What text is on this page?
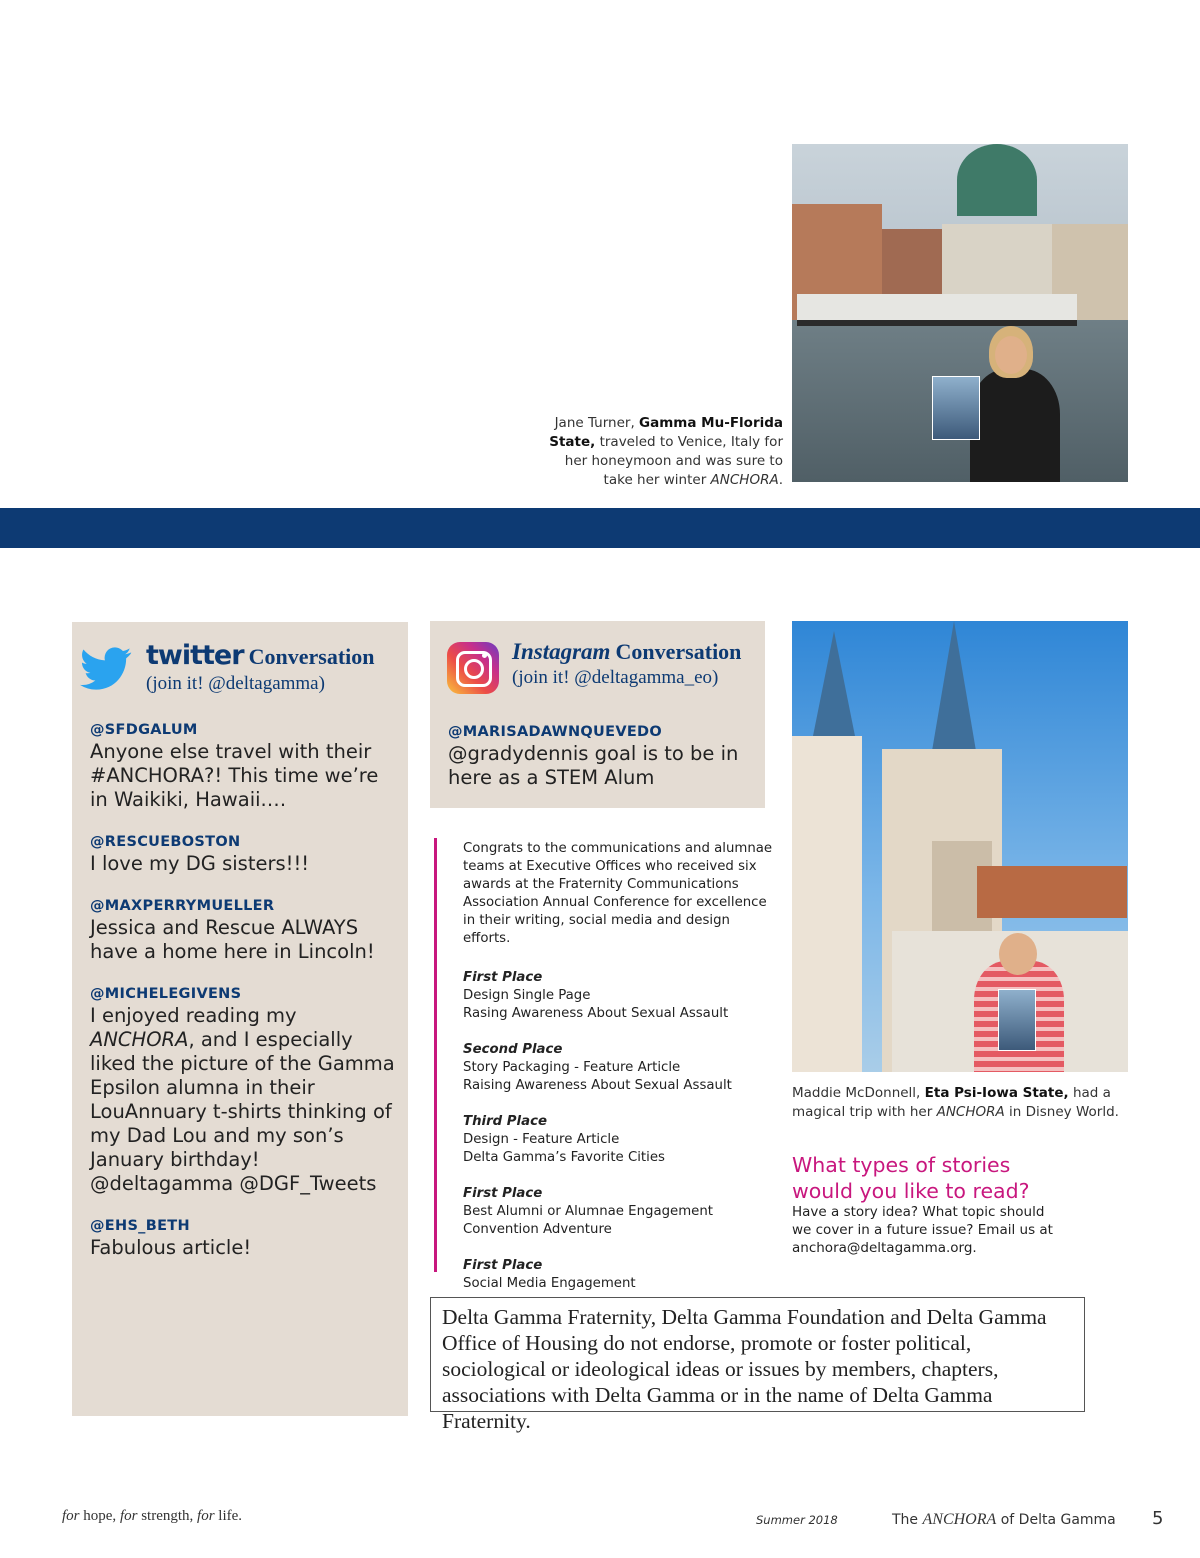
Jane Turner, Gamma Mu-Florida State, traveled to Venice, Italy for her honeymoon and was sure to take her winter ANCHORA.
twitter Conversation
(join it! @deltagamma)
@SFDGALUM
Anyone else travel with their #ANCHORA?! This time we’re in Waikiki, Hawaii.…
@RESCUEBOSTON
I love my DG sisters!!!
@MAXPERRYMUELLER
Jessica and Rescue ALWAYS have a home here in Lincoln!
@MICHELEGIVENS
I enjoyed reading my ANCHORA, and I especially liked the picture of the Gamma Epsilon alumna in their LouAnnuary t-shirts thinking of my Dad Lou and my son’s January birthday! @deltagamma @DGF_Tweets
@EHS_BETH
Fabulous article!
Instagram Conversation
(join it! @deltagamma_eo)
@MARISADAWNQUEVEDO
@gradydennis goal is to be in here as a STEM Alum
Congrats to the communications and alumnae teams at Executive Offices who received six awards at the Fraternity Communications Association Annual Conference for excellence in their writing, social media and design efforts.
First Place
Design Single Page
Rasing Awareness About Sexual Assault
Second Place
Story Packaging - Feature Article
Raising Awareness About Sexual Assault
Third Place
Design - Feature Article
Delta Gamma’s Favorite Cities
First Place
Best Alumni or Alumnae Engagement
Convention Adventure
First Place
Social Media Engagement
Maddie McDonnell, Eta Psi-Iowa State, had a magical trip with her ANCHORA in Disney World.
What types of stories would you like to read?
Have a story idea? What topic should we cover in a future issue? Email us at anchora@deltagamma.org.
Delta Gamma Fraternity, Delta Gamma Foundation and Delta Gamma Office of Housing do not endorse, promote or foster political, sociological or ideological ideas or issues by members, chapters, associations with Delta Gamma or in the name of Delta Gamma Fraternity.
for hope, for strength, for life.	Summer 2018	The ANCHORA of Delta Gamma 5
